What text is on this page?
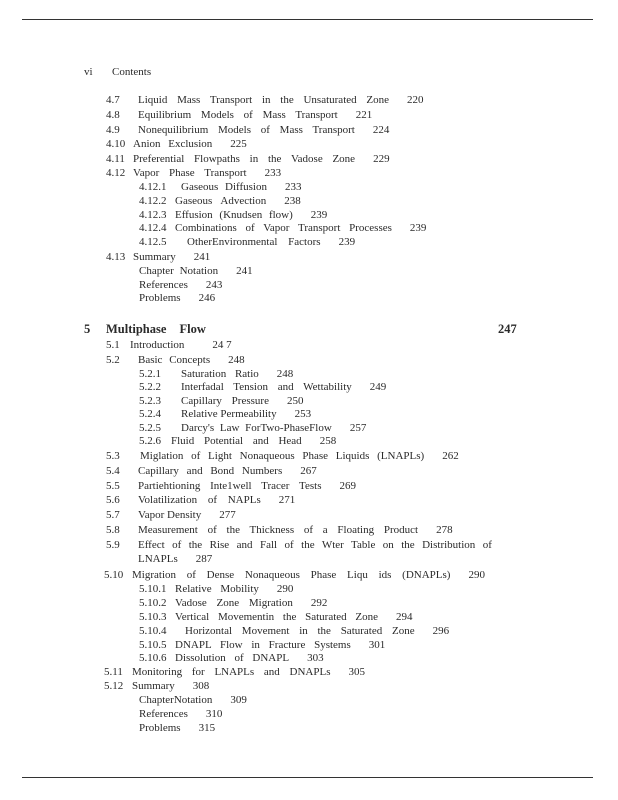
vi Contents
4.7 Liquid Mass Transport in the Unsaturated Zone 220
4.8 Equilibrium Models of Mass Transport 221
4.9 Nonequilibrium Models of Mass Transport 224
4.10 Anion Exclusion 225
4.11 Preferential Flowpaths in the Vadose Zone 229
4.12 Vapor Phase Transport 233
4.12.1 Gaseous Diffusion 233
4.12.2 Gaseous Advection 238
4.12.3 Effusion (Knudsen flow) 239
4.12.4 Combinations of Vapor Transport Processes 239
4.12.5 OtherEnvironmental Factors 239
4.13 Summary 241
Chapter Notation 241
References 243
Problems 246
5 Multiphase Flow	247
5.1 Introduction	24 7
5.2 Basic Concepts 248
5.2.1 Saturation Ratio 248
5.2.2 Interfadal Tension and Wettability 249
5.2.3 Capillary Pressure 250
5.2.4 Relative Permeability 253
5.2.5 Darcy's Law ForTwo-PhaseFlow 257
5.2.6 Fluid Potential and Head 258
5.3 Miglation of Light Nonaqueous Phase Liquids (LNAPLs) 262
5.4 Capillary and Bond Numbers 267
5.5 Partiehtioning Inte1well Tracer Tests 269
5.6 Volatilization of NAPLs 271
5.7 Vapor Density 277
5.8 Measurement of the Thickness of a Floating Product 278
5.9 Effect of the Rise and Fall of the Wter Table on the Distribution of
LNAPLs 287
5.10 Migration of Dense Nonaqueous Phase Liqu ids (DNAPLs) 290
5.10.1 Relative Mobility 290
5.10.2 Vadose Zone Migration 292
5.10.3 Vertical Movementin the Saturated Zone 294
5.10.4 Horizontal Movement in the Saturated Zone 296
5.10.5 DNAPL Flow in Fracture Systems 301
5.10.6 Dissolution of DNAPL 303
5.11 Monitoring for LNAPLs and DNAPLs 305
5.12 Summary 308
ChapterNotation 309
References 310
Problems 315
